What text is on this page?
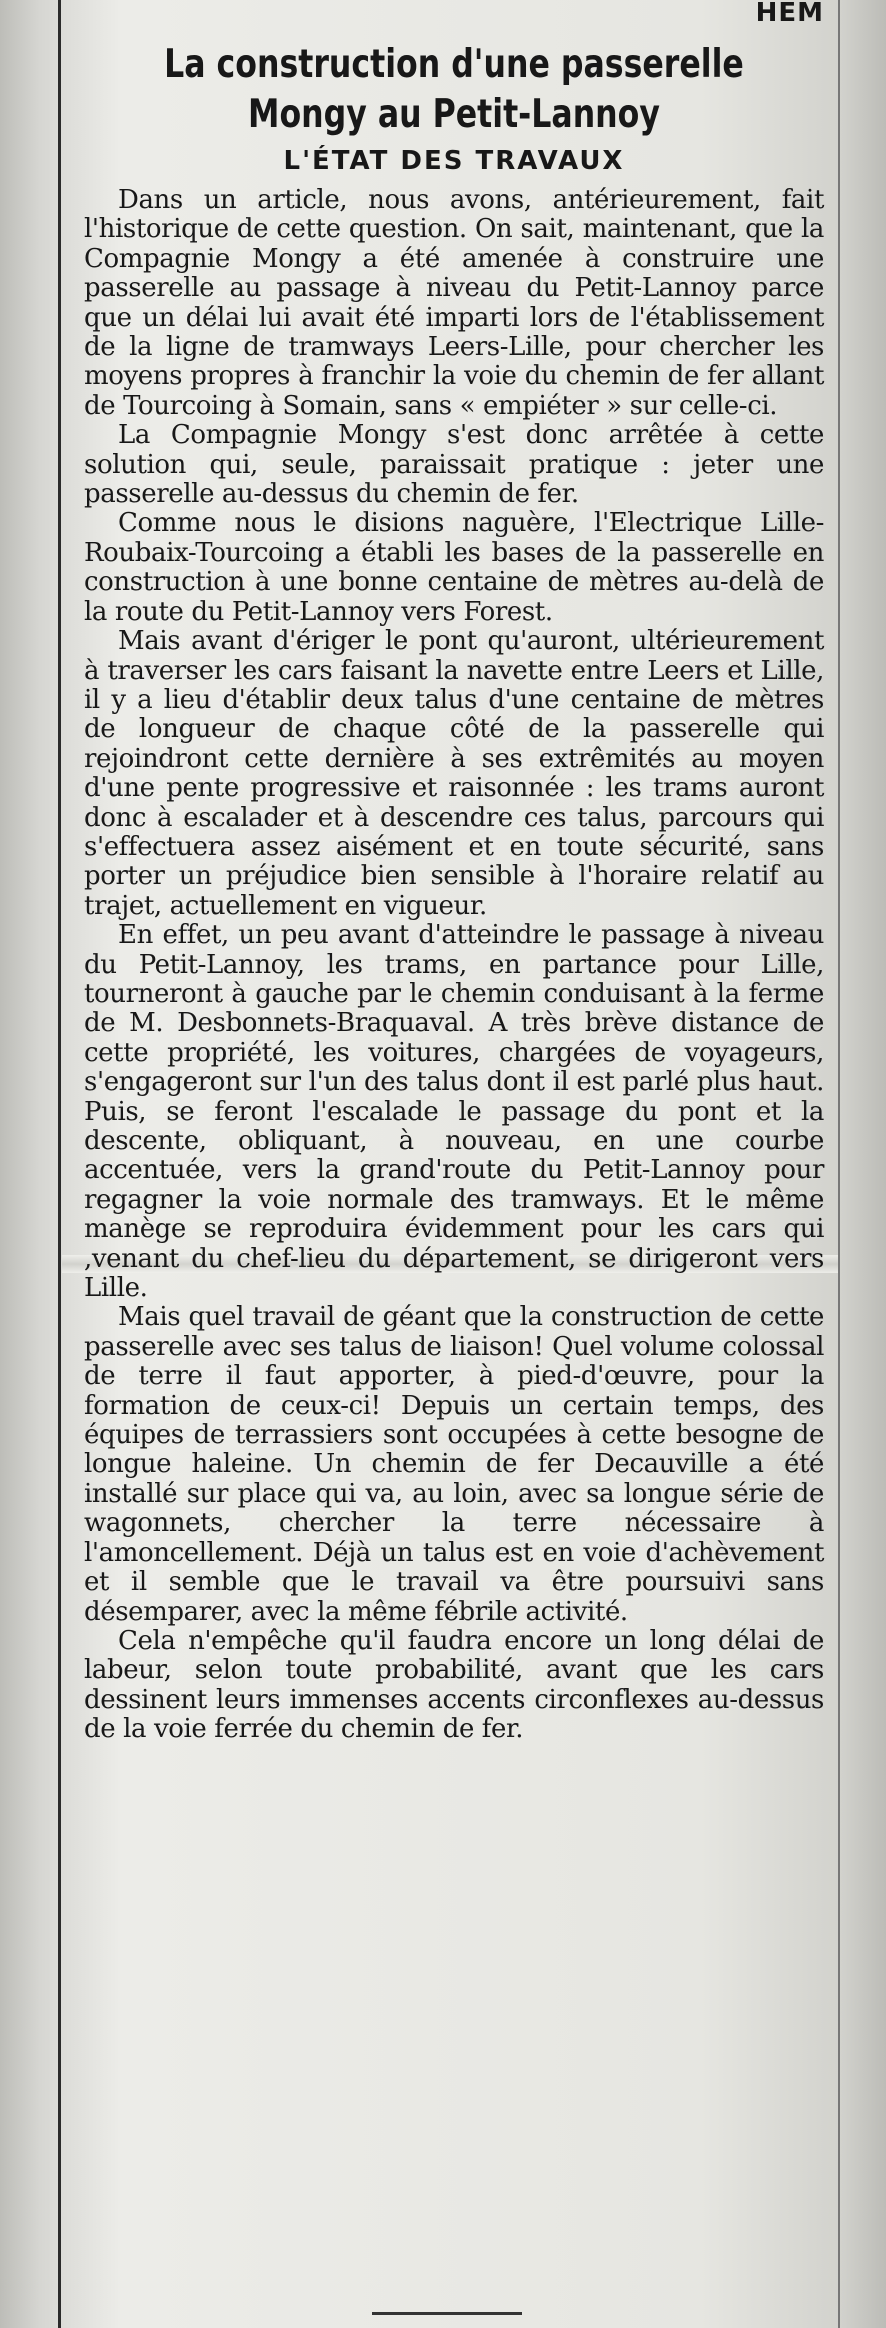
HEM

La construction d'une passerelle Mongy au Petit-Lannoy
L'ÉTAT DES TRAVAUX

Dans un article, nous avons, antérieurement, fait l'historique de cette question. On sait, maintenant, que la Compagnie Mongy a été amenée à construire une passerelle au passage à niveau du Petit-Lannoy parce que un délai lui avait été imparti lors de l'établissement de la ligne de tramways Leers-Lille, pour chercher les moyens propres à franchir la voie du chemin de fer allant de Tourcoing à Somain, sans « empiéter » sur celle-ci.

La Compagnie Mongy s'est donc arrêtée à cette solution qui, seule, paraissait pratique : jeter une passerelle au-dessus du chemin de fer.

Comme nous le disions naguère, l'Electrique Lille-Roubaix-Tourcoing a établi les bases de la passerelle en construction à une bonne centaine de mètres au-delà de la route du Petit-Lannoy vers Forest.

Mais avant d'ériger le pont qu'auront, ultérieurement à traverser les cars faisant la navette entre Leers et Lille, il y a lieu d'établir deux talus d'une centaine de mètres de longueur de chaque côté de la passerelle qui rejoindront cette dernière à ses extrêmités au moyen d'une pente progressive et raisonnée : les trams auront donc à escalader et à descendre ces talus, parcours qui s'effectuera assez aisément et en toute sécurité, sans porter un préjudice bien sensible à l'horaire relatif au trajet, actuellement en vigueur.

En effet, un peu avant d'atteindre le passage à niveau du Petit-Lannoy, les trams, en partance pour Lille, tourneront à gauche par le chemin conduisant à la ferme de M. Desbonnets-Braquaval. A très brève distance de cette propriété, les voitures, chargées de voyageurs, s'engageront sur l'un des talus dont il est parlé plus haut. Puis, se feront l'escalade le passage du pont et la descente, obliquant, à nouveau, en une courbe accentuée, vers la grand'route du Petit-Lannoy pour regagner la voie normale des tramways. Et le même manège se reproduira évidemment pour les cars qui ,venant du chef-lieu du département, se dirigeront vers Lille.

Mais quel travail de géant que la construction de cette passerelle avec ses talus de liaison! Quel volume colossal de terre il faut apporter, à pied-d'œuvre, pour la formation de ceux-ci! Depuis un certain temps, des équipes de terrassiers sont occupées à cette besogne de longue haleine. Un chemin de fer Decauville a été installé sur place qui va, au loin, avec sa longue série de wagonnets, chercher la terre nécessaire à l'amoncellement. Déjà un talus est en voie d'achèvement et il semble que le travail va être poursuivi sans désemparer, avec la même fébrile activité.

Cela n'empêche qu'il faudra encore un long délai de labeur, selon toute probabilité, avant que les cars dessinent leurs immenses accents circonflexes au-dessus de la voie ferrée du chemin de fer.
